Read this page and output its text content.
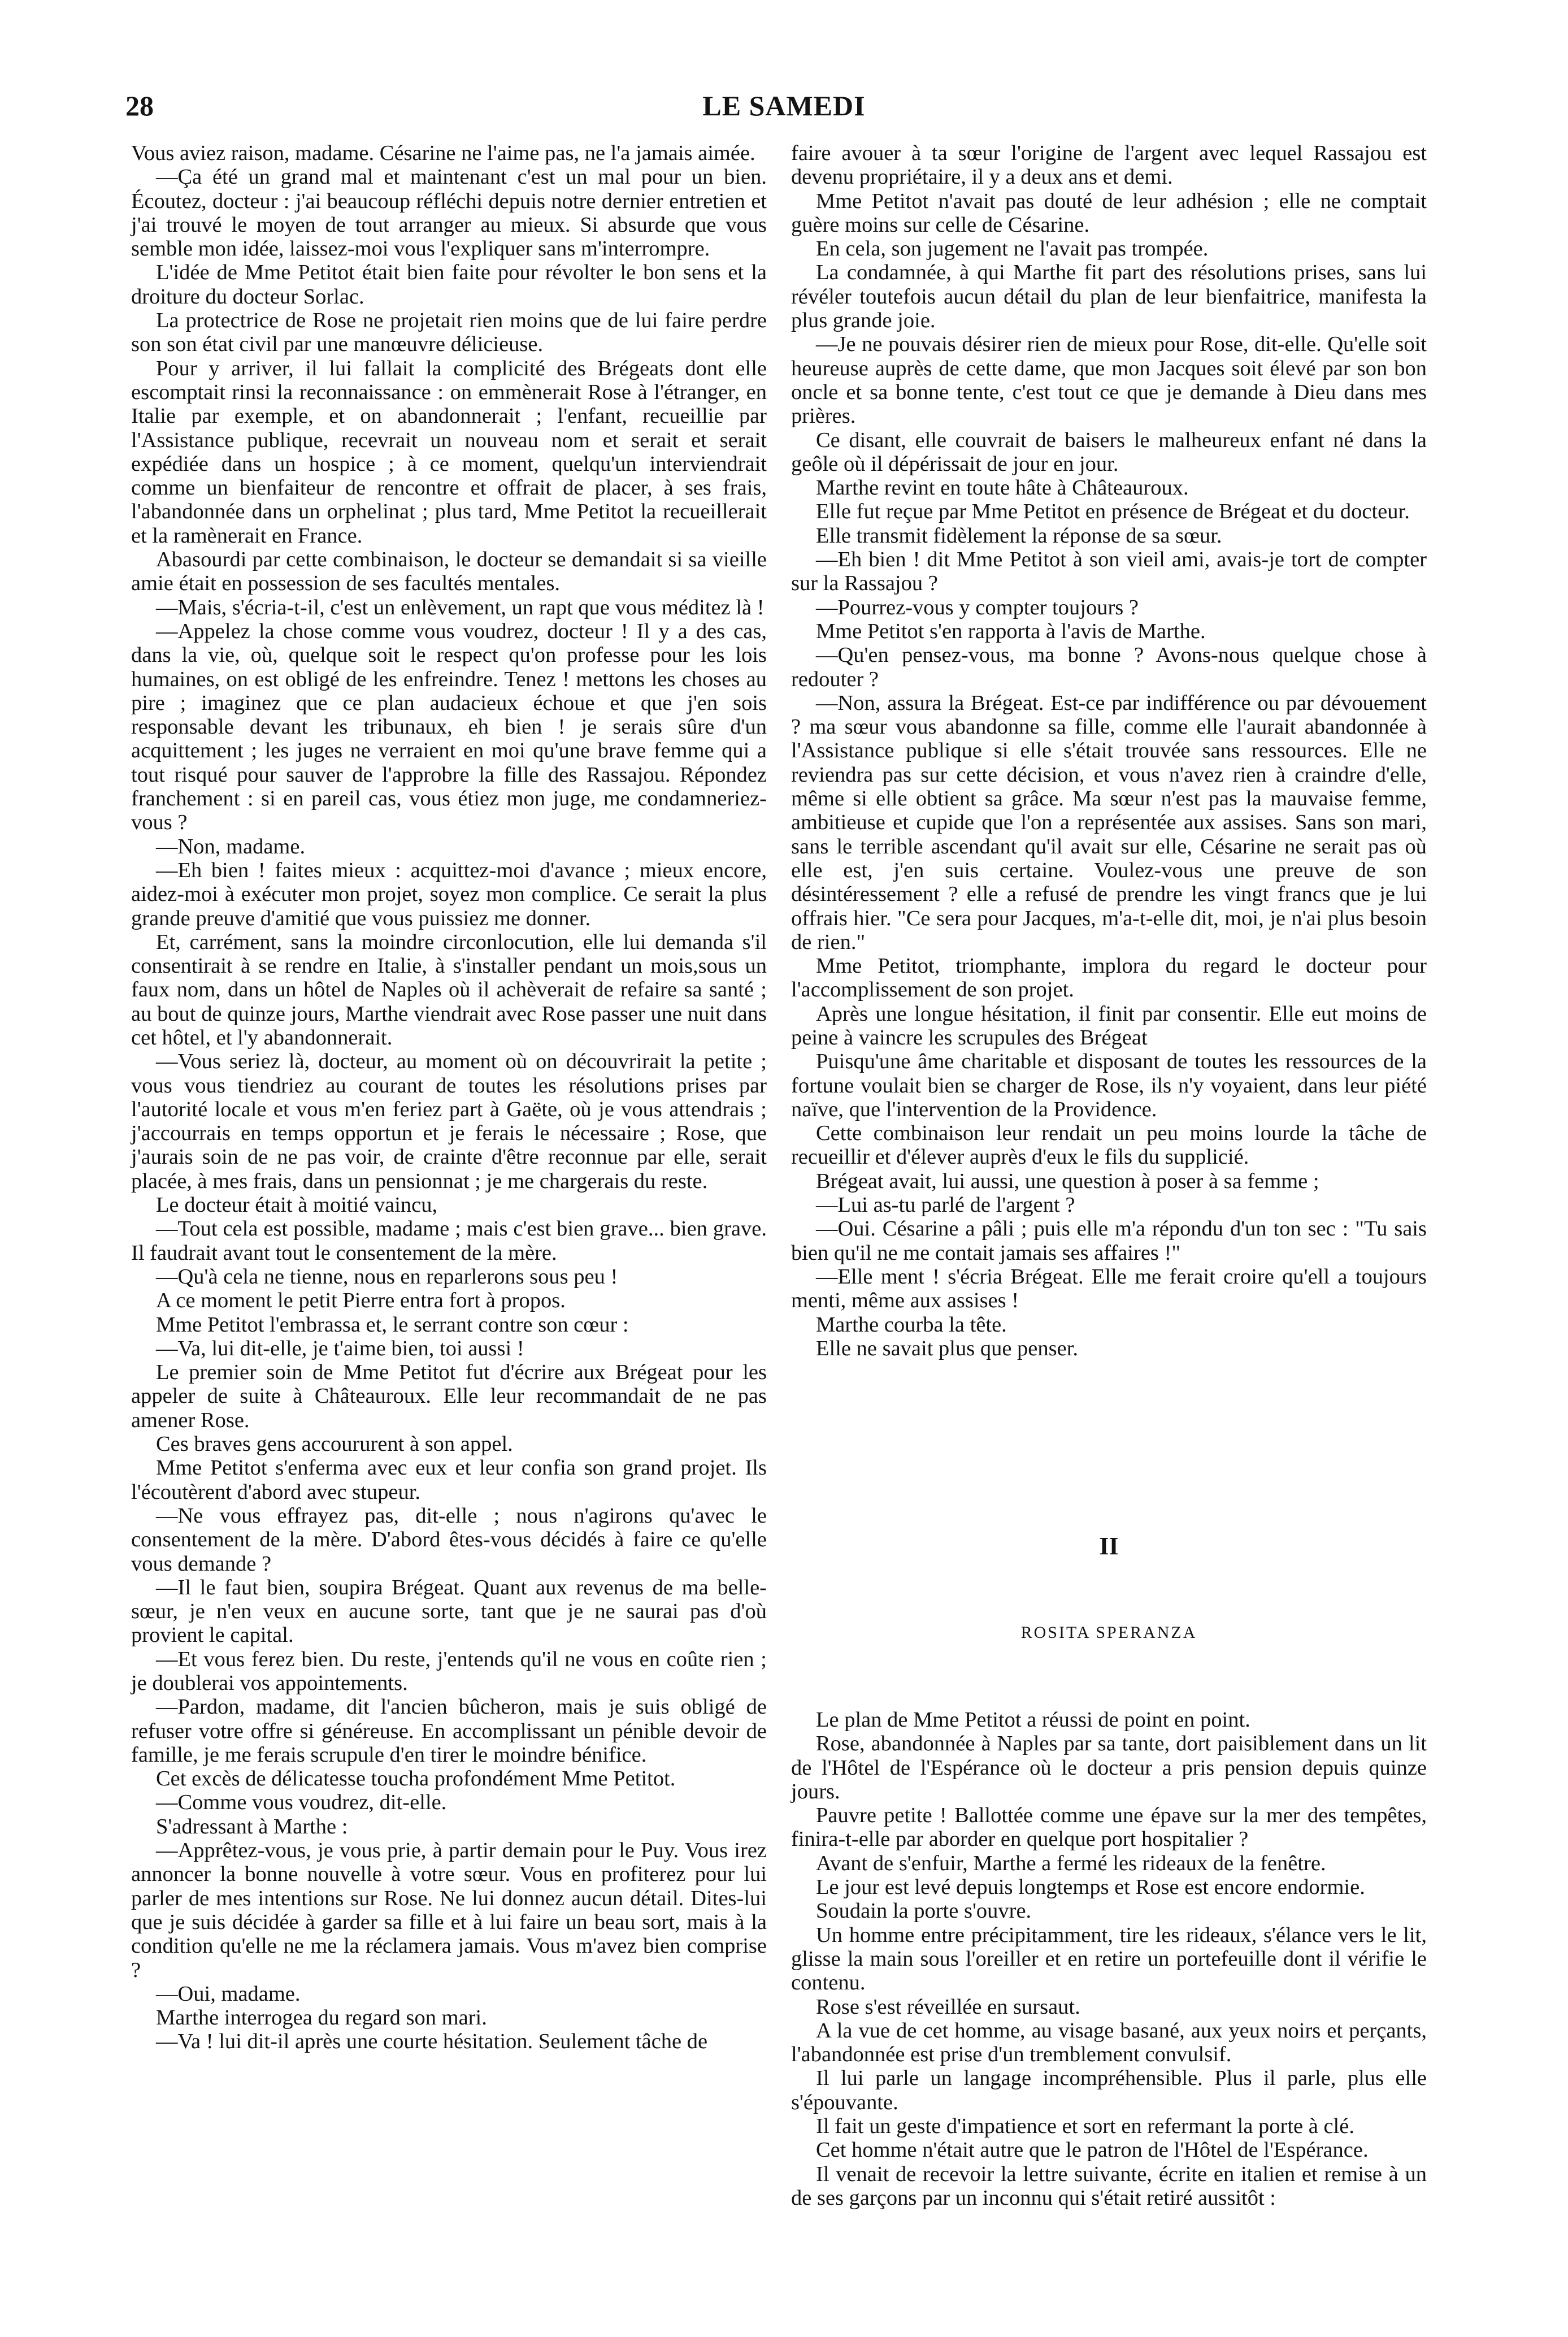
28	LE SAMEDI

Vous aviez raison, madame. Césarine ne l'aime pas, ne l'a jamais aimée.

—Ça été un grand mal et maintenant c'est un mal pour un bien. Écoutez, docteur : j'ai beaucoup réfléchi depuis notre dernier entretien et j'ai trouvé le moyen de tout arranger au mieux. Si absurde que vous semble mon idée, laissez-moi vous l'expliquer sans m'interrompre.

L'idée de Mme Petitot était bien faite pour révolter le bon sens et la droiture du docteur Sorlac.

La protectrice de Rose ne projetait rien moins que de lui faire perdre son son état civil par une manœuvre délicieuse.

Pour y arriver, il lui fallait la complicité des Brégeats dont elle escomptait rinsi la reconnaissance : on emmènerait Rose à l'étranger, en Italie par exemple, et on abandonnerait ; l'enfant, recueillie par l'Assistance publique, recevrait un nouveau nom et serait et serait expédiée dans un hospice ; à ce moment, quelqu'un interviendrait comme un bienfaiteur de rencontre et offrait de placer, à ses frais, l'abandonnée dans un orphelinat ; plus tard, Mme Petitot la recueillerait et la ramènerait en France.

Abasourdi par cette combinaison, le docteur se demandait si sa vieille amie était en possession de ses facultés mentales.

—Mais, s'écria-t-il, c'est un enlèvement, un rapt que vous méditez là !

—Appelez la chose comme vous voudrez, docteur ! Il y a des cas, dans la vie, où, quelque soit le respect qu'on professe pour les lois humaines, on est obligé de les enfreindre. Tenez ! mettons les choses au pire ; imaginez que ce plan audacieux échoue et que j'en sois responsable devant les tribunaux, eh bien ! je serais sûre d'un acquittement ; les juges ne verraient en moi qu'une brave femme qui a tout risqué pour sauver de l'approbre la fille des Rassajou. Répondez franchement : si en pareil cas, vous étiez mon juge, me condamneriez-vous ?

—Non, madame.

—Eh bien ! faites mieux : acquittez-moi d'avance ; mieux encore, aidez-moi à exécuter mon projet, soyez mon complice. Ce serait la plus grande preuve d'amitié que vous puissiez me donner.

Et, carrément, sans la moindre circonlocution, elle lui demanda s'il consentirait à se rendre en Italie, à s'installer pendant un mois,sous un faux nom, dans un hôtel de Naples où il achèverait de refaire sa santé ; au bout de quinze jours, Marthe viendrait avec Rose passer une nuit dans cet hôtel, et l'y abandonnerait.

—Vous seriez là, docteur, au moment où on découvrirait la petite ; vous vous tiendriez au courant de toutes les résolutions prises par l'autorité locale et vous m'en feriez part à Gaëte, où je vous attendrais ; j'accourrais en temps opportun et je ferais le nécessaire ; Rose, que j'aurais soin de ne pas voir, de crainte d'être reconnue par elle, serait placée, à mes frais, dans un pensionnat ; je me chargerais du reste.

Le docteur était à moitié vaincu,

—Tout cela est possible, madame ; mais c'est bien grave... bien grave. Il faudrait avant tout le consentement de la mère.

—Qu'à cela ne tienne, nous en reparlerons sous peu !

A ce moment le petit Pierre entra fort à propos.

Mme Petitot l'embrassa et, le serrant contre son cœur :

—Va, lui dit-elle, je t'aime bien, toi aussi !

Le premier soin de Mme Petitot fut d'écrire aux Brégeat pour les appeler de suite à Châteauroux. Elle leur recommandait de ne pas amener Rose.

Ces braves gens accoururent à son appel.

Mme Petitot s'enferma avec eux et leur confia son grand projet. Ils l'écoutèrent d'abord avec stupeur.

—Ne vous effrayez pas, dit-elle ; nous n'agirons qu'avec le consentement de la mère. D'abord êtes-vous décidés à faire ce qu'elle vous demande ?

—Il le faut bien, soupira Brégeat. Quant aux revenus de ma belle-sœur, je n'en veux en aucune sorte, tant que je ne saurai pas d'où provient le capital.

—Et vous ferez bien. Du reste, j'entends qu'il ne vous en coûte rien ; je doublerai vos appointements.

—Pardon, madame, dit l'ancien bûcheron, mais je suis obligé de refuser votre offre si généreuse. En accomplissant un pénible devoir de famille, je me ferais scrupule d'en tirer le moindre bénifice.

Cet excès de délicatesse toucha profondément Mme Petitot.

—Comme vous voudrez, dit-elle.

S'adressant à Marthe :

—Apprêtez-vous, je vous prie, à partir demain pour le Puy. Vous irez annoncer la bonne nouvelle à votre sœur. Vous en profiterez pour lui parler de mes intentions sur Rose. Ne lui donnez aucun détail. Dites-lui que je suis décidée à garder sa fille et à lui faire un beau sort, mais à la condition qu'elle ne me la réclamera jamais. Vous m'avez bien comprise ?

—Oui, madame.

Marthe interrogea du regard son mari.

—Va ! lui dit-il après une courte hésitation. Seulement tâche de

faire avouer à ta sœur l'origine de l'argent avec lequel Rassajou est devenu propriétaire, il y a deux ans et demi.

Mme Petitot n'avait pas douté de leur adhésion ; elle ne comptait guère moins sur celle de Césarine.

En cela, son jugement ne l'avait pas trompée.

La condamnée, à qui Marthe fit part des résolutions prises, sans lui révéler toutefois aucun détail du plan de leur bienfaitrice, manifesta la plus grande joie.

—Je ne pouvais désirer rien de mieux pour Rose, dit-elle. Qu'elle soit heureuse auprès de cette dame, que mon Jacques soit élevé par son bon oncle et sa bonne tente, c'est tout ce que je demande à Dieu dans mes prières.

Ce disant, elle couvrait de baisers le malheureux enfant né dans la geôle où il dépérissait de jour en jour.

Marthe revint en toute hâte à Châteauroux.

Elle fut reçue par Mme Petitot en présence de Brégeat et du docteur.

Elle transmit fidèlement la réponse de sa sœur.

—Eh bien ! dit Mme Petitot à son vieil ami, avais-je tort de compter sur la Rassajou ?

—Pourrez-vous y compter toujours ?

Mme Petitot s'en rapporta à l'avis de Marthe.

—Qu'en pensez-vous, ma bonne ? Avons-nous quelque chose à redouter ?

—Non, assura la Brégeat. Est-ce par indifférence ou par dévouement ? ma sœur vous abandonne sa fille, comme elle l'aurait abandonnée à l'Assistance publique si elle s'était trouvée sans ressources. Elle ne reviendra pas sur cette décision, et vous n'avez rien à craindre d'elle, même si elle obtient sa grâce. Ma sœur n'est pas la mauvaise femme, ambitieuse et cupide que l'on a représentée aux assises. Sans son mari, sans le terrible ascendant qu'il avait sur elle, Césarine ne serait pas où elle est, j'en suis certaine. Voulez-vous une preuve de son désintéressement ? elle a refusé de prendre les vingt francs que je lui offrais hier. "Ce sera pour Jacques, m'a-t-elle dit, moi, je n'ai plus besoin de rien."

Mme Petitot, triomphante, implora du regard le docteur pour l'accomplissement de son projet.

Après une longue hésitation, il finit par consentir. Elle eut moins de peine à vaincre les scrupules des Brégeat

Puisqu'une âme charitable et disposant de toutes les ressources de la fortune voulait bien se charger de Rose, ils n'y voyaient, dans leur piété naïve, que l'intervention de la Providence.

Cette combinaison leur rendait un peu moins lourde la tâche de recueillir et d'élever auprès d'eux le fils du supplicié.

Brégeat avait, lui aussi, une question à poser à sa femme ;

—Lui as-tu parlé de l'argent ?

—Oui. Césarine a pâli ; puis elle m'a répondu d'un ton sec : "Tu sais bien qu'il ne me contait jamais ses affaires !"

—Elle ment ! s'écria Brégeat. Elle me ferait croire qu'ell a toujours menti, même aux assises !

Marthe courba la tête.

Elle ne savait plus que penser.

II
ROSITA SPERANZA

Le plan de Mme Petitot a réussi de point en point.

Rose, abandonnée à Naples par sa tante, dort paisiblement dans un lit de l'Hôtel de l'Espérance où le docteur a pris pension depuis quinze jours.

Pauvre petite ! Ballottée comme une épave sur la mer des tempêtes, finira-t-elle par aborder en quelque port hospitalier ?

Avant de s'enfuir, Marthe a fermé les rideaux de la fenêtre.

Le jour est levé depuis longtemps et Rose est encore endormie.

Soudain la porte s'ouvre.

Un homme entre précipitamment, tire les rideaux, s'élance vers le lit, glisse la main sous l'oreiller et en retire un portefeuille dont il vérifie le contenu.

Rose s'est réveillée en sursaut.

A la vue de cet homme, au visage basané, aux yeux noirs et perçants, l'abandonnée est prise d'un tremblement convulsif.

Il lui parle un langage incompréhensible. Plus il parle, plus elle s'épouvante.

Il fait un geste d'impatience et sort en refermant la porte à clé.

Cet homme n'était autre que le patron de l'Hôtel de l'Espérance.

Il venait de recevoir la lettre suivante, écrite en italien et remise à un de ses garçons par un inconnu qui s'était retiré aussitôt :
